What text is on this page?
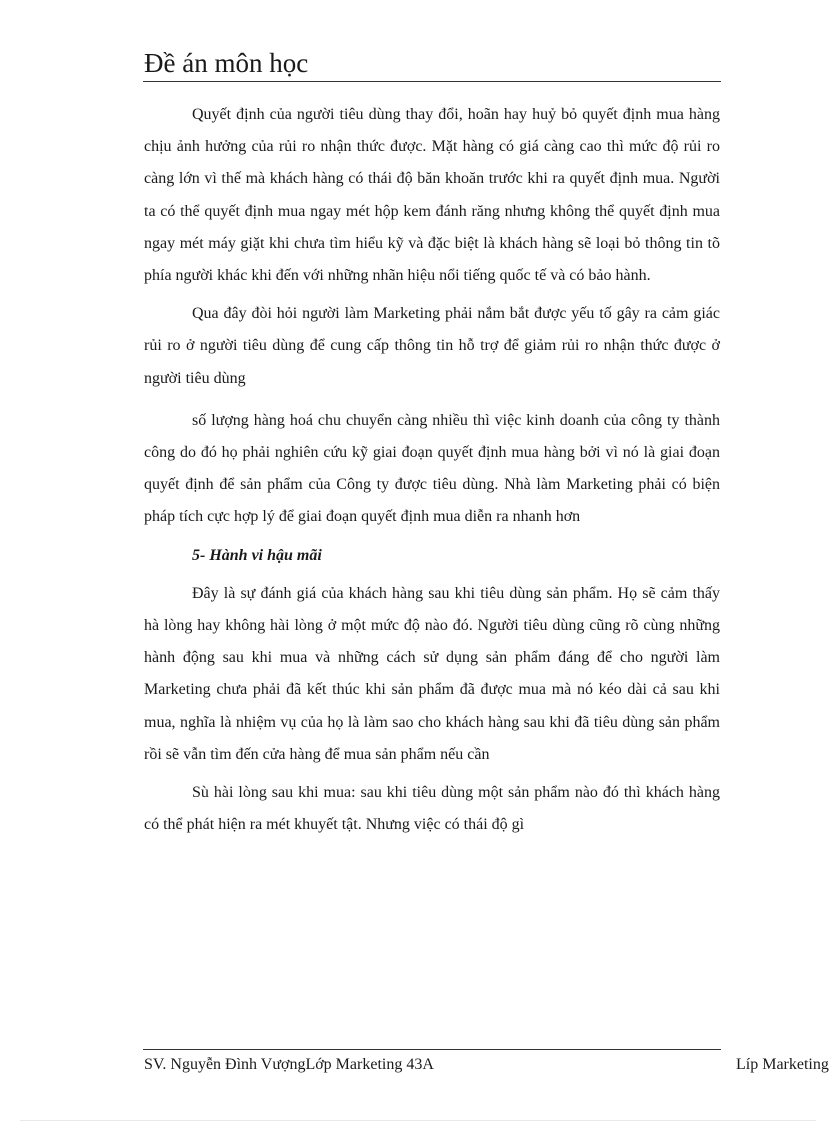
Đề án môn học

Quyết định của người tiêu dùng thay đổi, hoãn hay huỷ bỏ quyết định mua hàng chịu ảnh hưởng của rủi ro nhận thức được. Mặt hàng có giá càng cao thì mức độ rủi ro càng lớn vì thế mà khách hàng có thái độ băn khoăn trước khi ra quyết định mua. Người ta có thể quyết định mua ngay mét hộp kem đánh răng nhưng không thể quyết định mua ngay mét máy giặt khi chưa tìm hiểu kỹ và đặc biệt là khách hàng sẽ loại bỏ thông tin tõ phía người khác khi đến với những nhãn hiệu nổi tiếng quốc tế và có bảo hành.

Qua đây đòi hỏi người làm Marketing phải nắm bắt được yếu tố gây ra cảm giác rủi ro ở người tiêu dùng để cung cấp thông tin hỗ trợ để giảm rủi ro nhận thức được ở người tiêu dùng

số lượng hàng hoá chu chuyển càng nhiều thì việc kinh doanh của công ty thành công do đó họ phải nghiên cứu kỹ giai đoạn quyết định mua hàng bởi vì nó là giai đoạn quyết định để sản phẩm của Công ty được tiêu dùng. Nhà làm Marketing phải có biện pháp tích cực hợp lý để giai đoạn quyết định mua diễn ra nhanh hơn

5- Hành vi hậu mãi

Đây là sự đánh giá của khách hàng sau khi tiêu dùng sản phẩm. Họ sẽ cảm thấy hà lòng hay không hài lòng ở một mức độ nào đó. Người tiêu dùng cũng rõ cùng những hành động sau khi mua và những cách sử dụng sản phẩm đáng để cho người làm Marketing chưa phải đã kết thúc khi sản phẩm đã được mua mà nó kéo dài cả sau khi mua, nghĩa là nhiệm vụ của họ là làm sao cho khách hàng sau khi đã tiêu dùng sản phẩm rồi sẽ vẫn tìm đến cửa hàng để mua sản phẩm nếu cần

Sù hài lòng sau khi mua: sau khi tiêu dùng một sản phẩm nào đó thì khách hàng có thể phát hiện ra mét khuyết tật. Nhưng việc có thái độ gì

SV. Nguyễn Đình VượngLớp Marketing 43A	Líp Marketing
